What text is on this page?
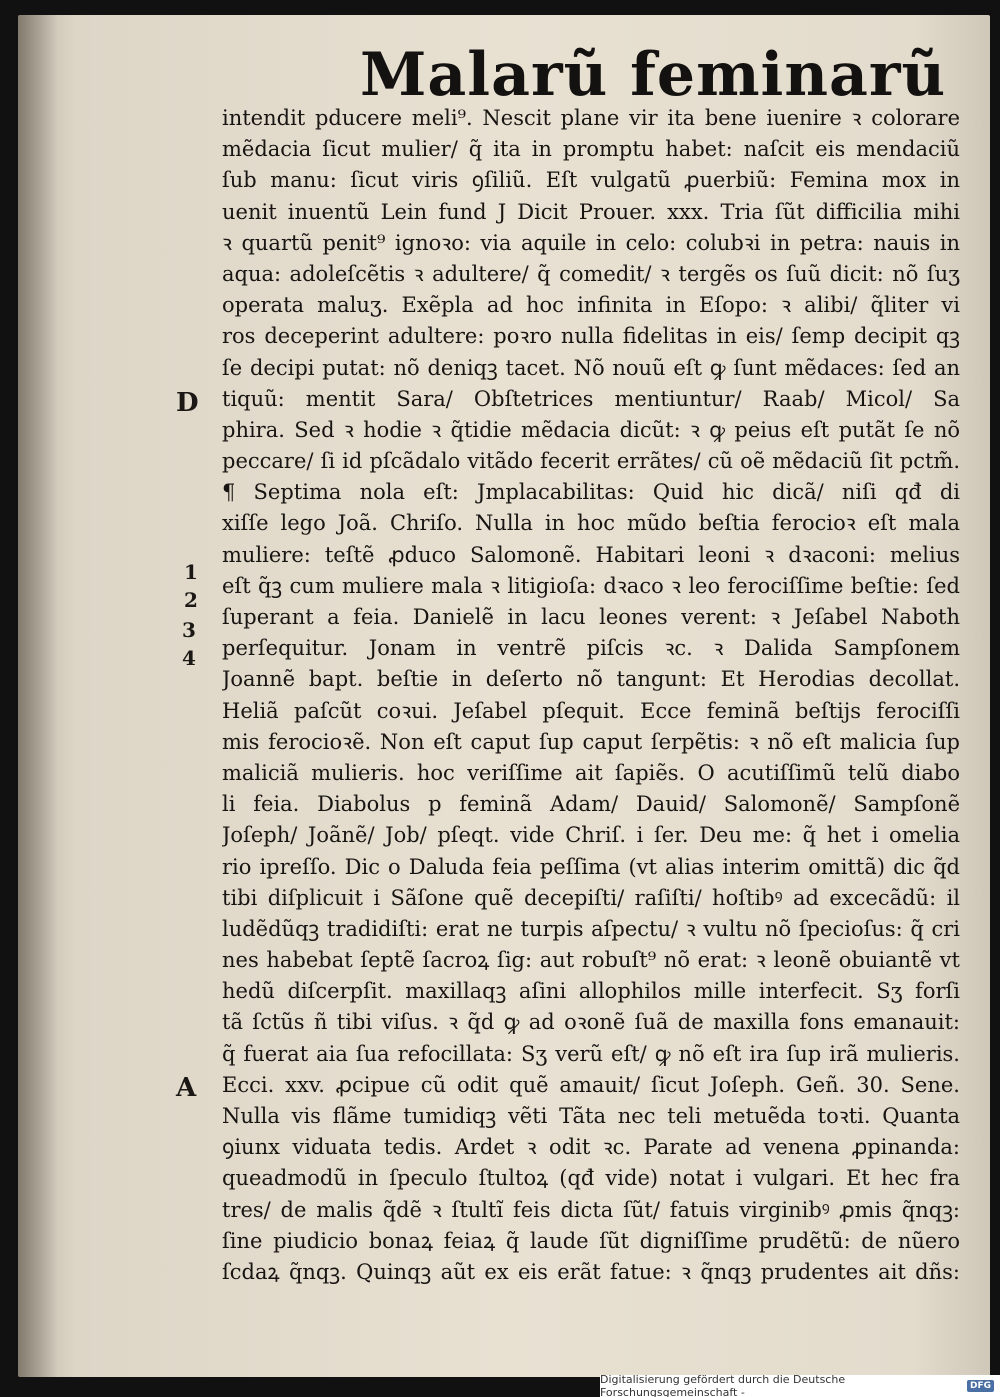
Malarũ feminarũ
D
1
2
3
4
A
intendit pducere meli⁹. Nescit plane vir ita bene iuenire ꝛ colorare
mẽdacia ſicut mulier/ q̃ ita in promptu habet: naſcit eis mendaciũ
ſub manu: ſicut viris ꝯſiliũ. Eſt vulgatũ ꝓuerbiũ: Femina mox in
uenit inuentũ Lein fund J Dicit Prouer. xxx. Tria ſũt difficilia mihi
ꝛ quartũ penit⁹ ignoꝛo: via aquile in celo: colubꝛi in petra: nauis in
aqua: adoleſcẽtis ꝛ adultere/ q̃ comedit/ ꝛ tergẽs os ſuũ dicit: nõ ſuʒ
operata maluʒ. Exẽpla ad hoc infinita in Eſopo: ꝛ alibi/ q̃liter vi
ros deceperint adultere: poꝛro nulla fidelitas in eis/ ſemp decipit qꝫ
ſe decipi putat: nõ deniqꝫ tacet. Nõ nouũ eſt ꝙ ſunt mẽdaces: ſed an
tiquũ: mentit Sara/ Obſtetrices mentiuntur/ Raab/ Micol/ Sa
phira. Sed ꝛ hodie ꝛ q̃tidie mẽdacia dicũt: ꝛ ꝙ peius eſt putãt ſe nõ
peccare/ ſi id pſcãdalo vitãdo fecerit errãtes/ cũ oẽ mẽdaciũ ſit pctm̃.
¶ Septima nola eſt: Jmplacabilitas: Quid hic dicã/ niſi qđ di
xiſſe lego Joã. Chriſo. Nulla in hoc mũdo beſtia ferocioꝛ eſt mala
muliere: teſtẽ ꝓduco Salomonẽ. Habitari leoni ꝛ dꝛaconi: melius
eſt q̃ꝫ cum muliere mala ꝛ litigioſa: dꝛaco ꝛ leo ferociſſime beſtie: ſed
ſuperant a feia. Danielẽ in lacu leones verent: ꝛ Jeſabel Naboth
perſequitur. Jonam in ventrẽ piſcis ꝛc. ꝛ Dalida Sampſonem
Joannẽ bapt. beſtie in deſerto nõ tangunt: Et Herodias decollat.
Heliã paſcũt coꝛui. Jeſabel pſequit. Ecce feminã beſtijs ferociſſi
mis ferocioꝛẽ. Non eſt caput ſup caput ſerpẽtis: ꝛ nõ eſt malicia ſup
maliciã mulieris. hoc veriſſime ait ſapiẽs. O acutiſſimũ telũ diabo
li feia. Diabolus p feminã Adam/ Dauid/ Salomonẽ/ Sampſonẽ
Joſeph/ Joãnẽ/ Job/ pſeqt. vide Chriſ. i ſer. Deu me: q̃ het i omelia
rio ipreſſo. Dic o Daluda feia peſſima (vt alias interim omittã) dic q̃d
tibi diſplicuit i Sãſone quẽ decepiſti/ raſiſti/ hoſtibꝰ ad excecãdũ: il
ludẽdũqꝫ tradidiſti: erat ne turpis aſpectu/ ꝛ vultu nõ ſpecioſus: q̃ cri
nes habebat ſeptẽ ſacroꝝ ſig: aut robuſt⁹ nõ erat: ꝛ leonẽ obuiantẽ vt
hedũ diſcerpſit. maxillaqꝫ aſini allophilos mille interfecit. Sʒ forſi
tã ſctũs ñ tibi viſus. ꝛ q̃d ꝙ ad oꝛonẽ ſuã de maxilla fons emanauit:
q̃ fuerat aia ſua refocillata: Sʒ verũ eſt/ ꝙ nõ eſt ira ſup irã mulieris.
Ecci. xxv. ꝓcipue cũ odit quẽ amauit/ ſicut Joſeph. Geñ. 30. Sene.
Nulla vis flãme tumidiqꝫ vẽti Tãta nec teli metuẽda toꝛti. Quanta
ꝯiunx viduata tedis. Ardet ꝛ odit ꝛc. Parate ad venena ꝓpinanda:
queadmodũ in ſpeculo ſtultoꝝ (qđ vide) notat i vulgari. Et hec fra
tres/ de malis q̃dẽ ꝛ ſtultĩ feis dicta ſũt/ fatuis virginibꝰ ꝓmis q̃nqꝫ:
ſine piudicio bonaꝝ feiaꝝ q̃ laude ſũt digniſſime prudẽtũ: de nũero
ſcdaꝝ q̃nqꝫ. Quinqꝫ aũt ex eis erãt fatue: ꝛ q̃nqꝫ prudentes ait dñs:
Digitalisierung gefördert durch die Deutsche Forschungsgemeinschaft -	DFG
